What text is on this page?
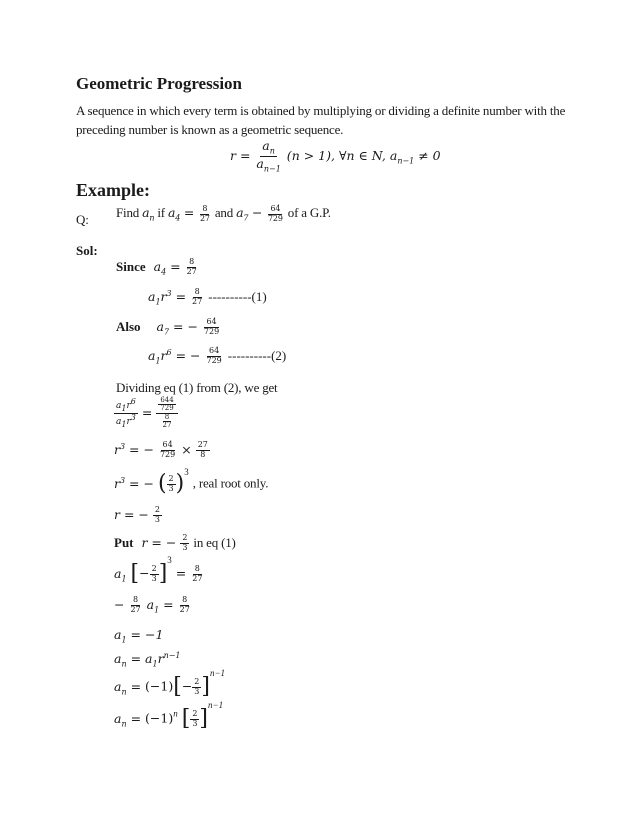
Geometric Progression
A sequence in which every term is obtained by multiplying or dividing a definite number with the
preceding number is known as a geometric sequence.
$r = \frac{a_n}{a_{n-1}} (n > 1)$, ∀n ∈ N, $a_{n-1} \ne 0$
Example:
Q: Find $a_n$ if $a_4 = \frac{8}{27}$ and $a_7 - \frac{64}{729}$ of a G.P.
Sol:
Since  $a_4 = \frac{8}{27}$
$a_1r^3 = \frac{8}{27} ----------(1)$
Also    $a_7$ = − $\frac{64}{729}$
$a_1r^6$ = − $\frac{64}{729} ----------(2)$
Dividing eq (1) from (2), we get
$\frac{a_1r^6}{a_1r^3} = \frac{\frac{644}{729}}{\frac{8}{27}}$
$r^3$ = − $\frac{64}{729} \times \frac{27}{8}$
$r^3$ = − ( $\frac{2}{3} )^3$ , real root only.
r = − $\frac{2}{3}$
Put  r = − $\frac{2}{3}$ in eq (1)
$a_1$ [− $\frac{2}{3} ]^3 = \frac{8}{27}$
− $\frac{8}{27} a_1 = \frac{8}{27}$
$a_1 = -1$
$a_n = a_1r^{n-1}$
$a_n = (-1)[- \frac{2}{3} ]^{n-1}$
$a_n = (-1)^n$ [ $\frac{2}{3} ]^{n-1}$
